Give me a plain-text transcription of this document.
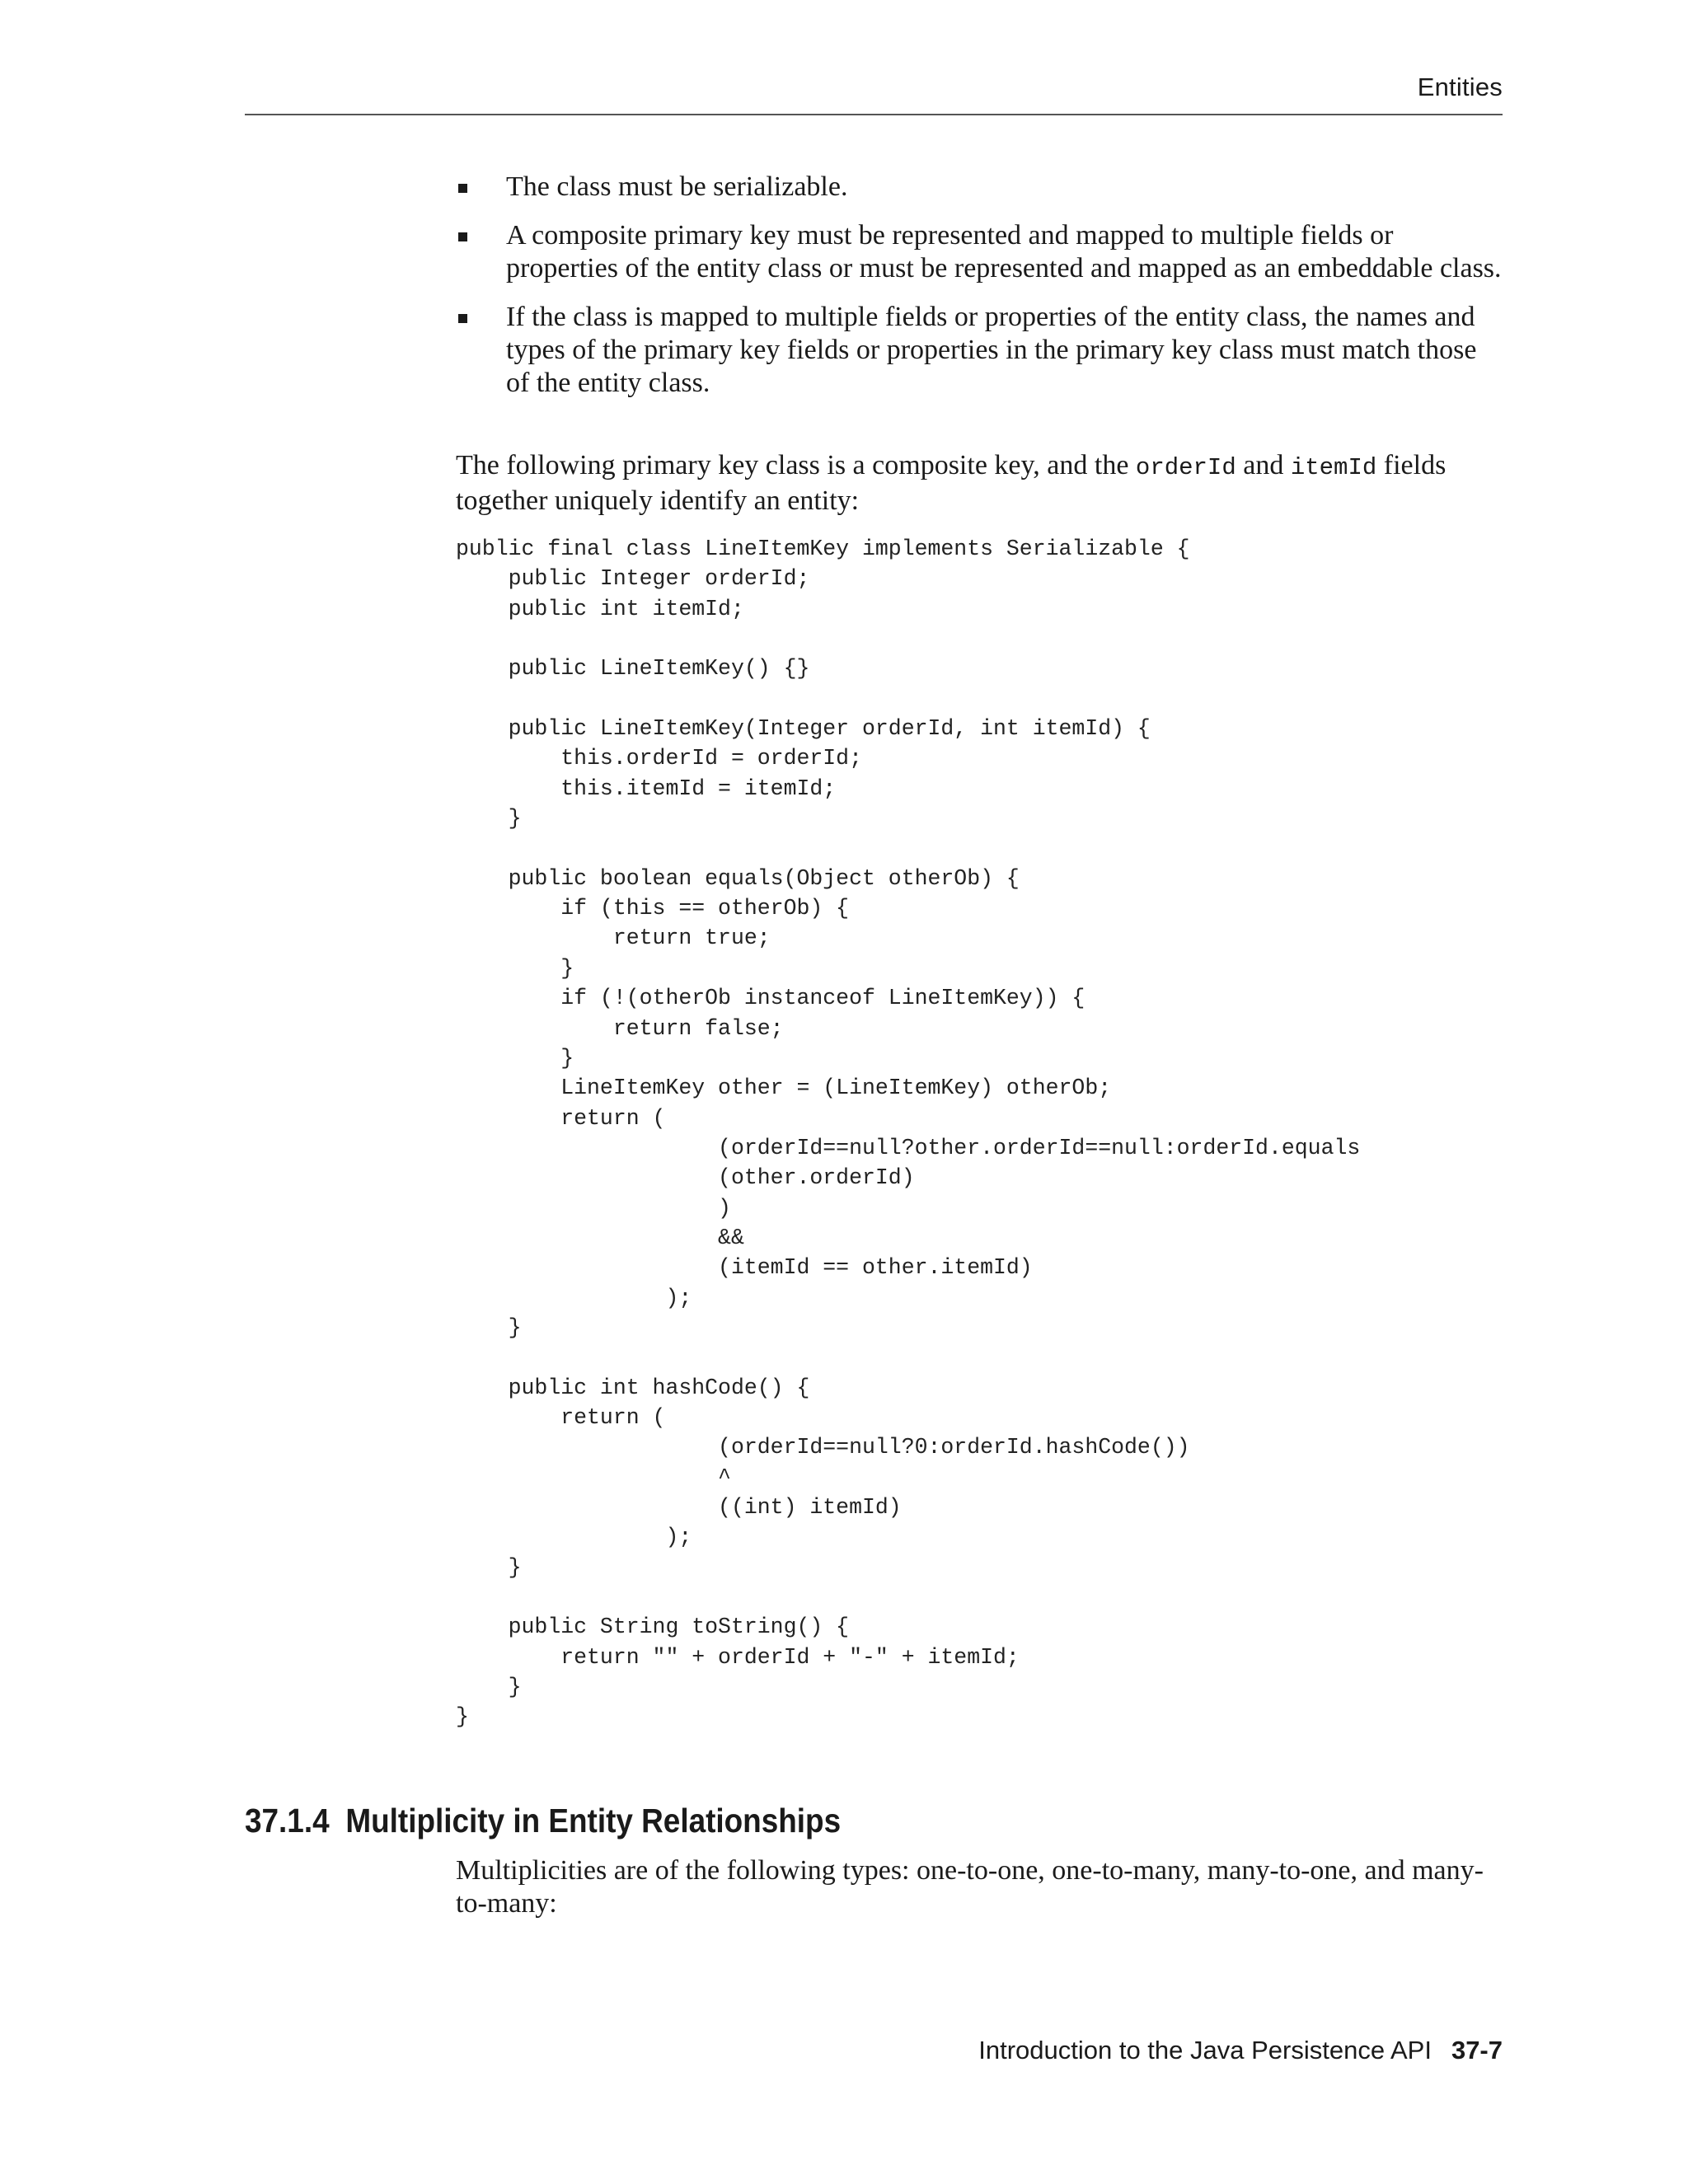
Entities
The class must be serializable.
A composite primary key must be represented and mapped to multiple fields or properties of the entity class or must be represented and mapped as an embeddable class.
If the class is mapped to multiple fields or properties of the entity class, the names and types of the primary key fields or properties in the primary key class must match those of the entity class.

The following primary key class is a composite key, and the orderId and itemId fields together uniquely identify an entity:

public final class LineItemKey implements Serializable {
public Integer orderId;
public int itemId;

public LineItemKey() {}

public LineItemKey(Integer orderId, int itemId) {
this.orderId = orderId;
this.itemId = itemId;
}

public boolean equals(Object otherOb) {
if (this == otherOb) {
return true;
}
if (!(otherOb instanceof LineItemKey)) {
return false;
}
LineItemKey other = (LineItemKey) otherOb;
return (
(orderId==null?other.orderId==null:orderId.equals
(other.orderId)
)
&&
(itemId == other.itemId)
);
}

public int hashCode() {
return (
(orderId==null?0:orderId.hashCode())
^
((int) itemId)
);
}

public String toString() {
return "" + orderId + "-" + itemId;
}
}
37.1.4 Multiplicity in Entity Relationships

Multiplicities are of the following types: one-to-one, one-to-many, many-to-one, and many-to-many:

Introduction to the Java Persistence API 37-7
